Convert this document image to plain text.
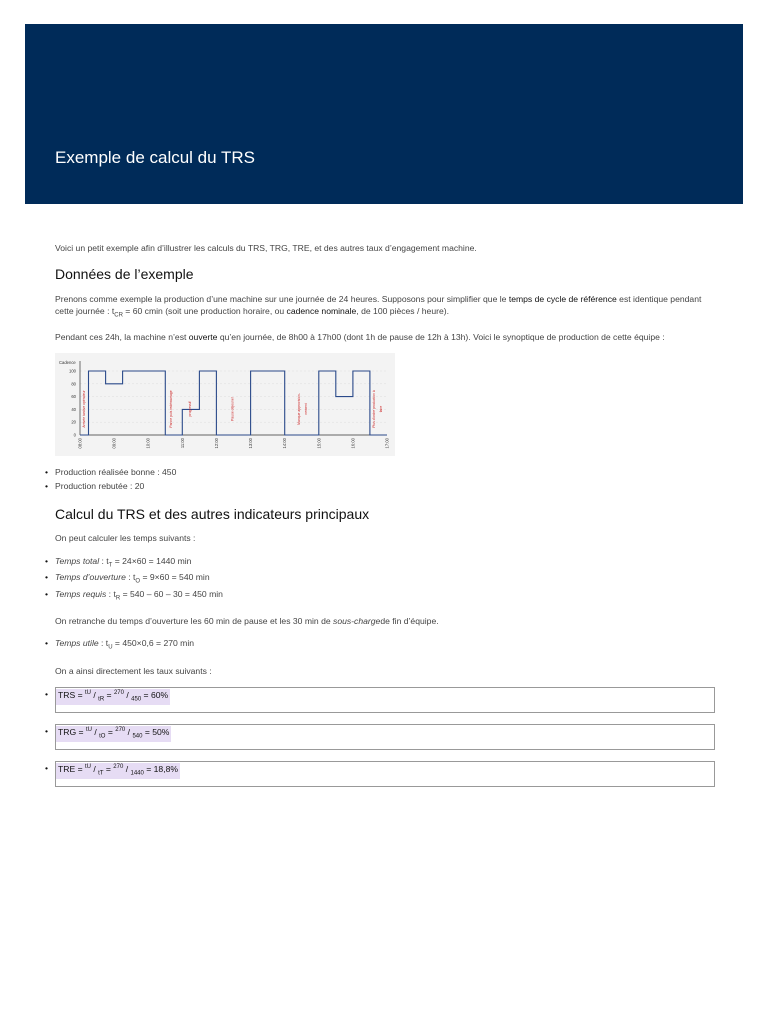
Exemple de calcul du TRS

Voici un petit exemple afin d’illustrer les calculs du TRS, TRG, TRE, et des autres taux d’engagement machine.

Données de l’exemple

Prenons comme exemple la production d’une machine sur une journée de 24 heures. Supposons pour simplifier que le temps de cycle de référence est identique pendant cette journée : $t_{CR} = 60$ cmin (soit une production horaire, ou cadence nominale, de 100 pièces / heure).

Pendant ces 24h, la machine n’est ouverte qu’en journée, de 8h00 à 17h00 (dont 1h de pause de 12h à 13h). Voici le synoptique de production de cette équipe :

Cadence
0
20
40
60
80
100
08:00	09:00	10:00	11:00	12:00	13:00	14:00	15:00	16:00	17:00
Arrivée tardive opérateur	Panne puis redémarrage	progressif	Pause déjeuner	Manque approvision- nement	Plus d'ordre production à faire
• Production réalisée bonne : 450
• Production rebutée : 20
Calcul du TRS et des autres indicateurs principaux

On peut calculer les temps suivants :

• Temps total : $t_T = 24\times 60 = 1440$ min
• Temps d’ouverture : $t_O = 9\times 60 = 540$ min
• Temps requis : $t_R = 540 - 60 - 30 = 450$ min

On retranche du temps d’ouverture les 60 min de pause et les 30 min de sous-chargede fin d’équipe.

• Temps utile : $t_U = 450\times 0,6 = 270$ min

On a ainsi directement les taux suivants :

• TRS = $^{tU}$ / $_{tR}$ = $^{270}$ / $_{450}$ = 60%
• TRG = $^{tU}$ / $_{tO}$ = $^{270}$ / $_{540}$ = 50%
• TRE = $^{tU}$ / $_{tT}$ = $^{270}$ / $_{1440}$ = 18,8%
